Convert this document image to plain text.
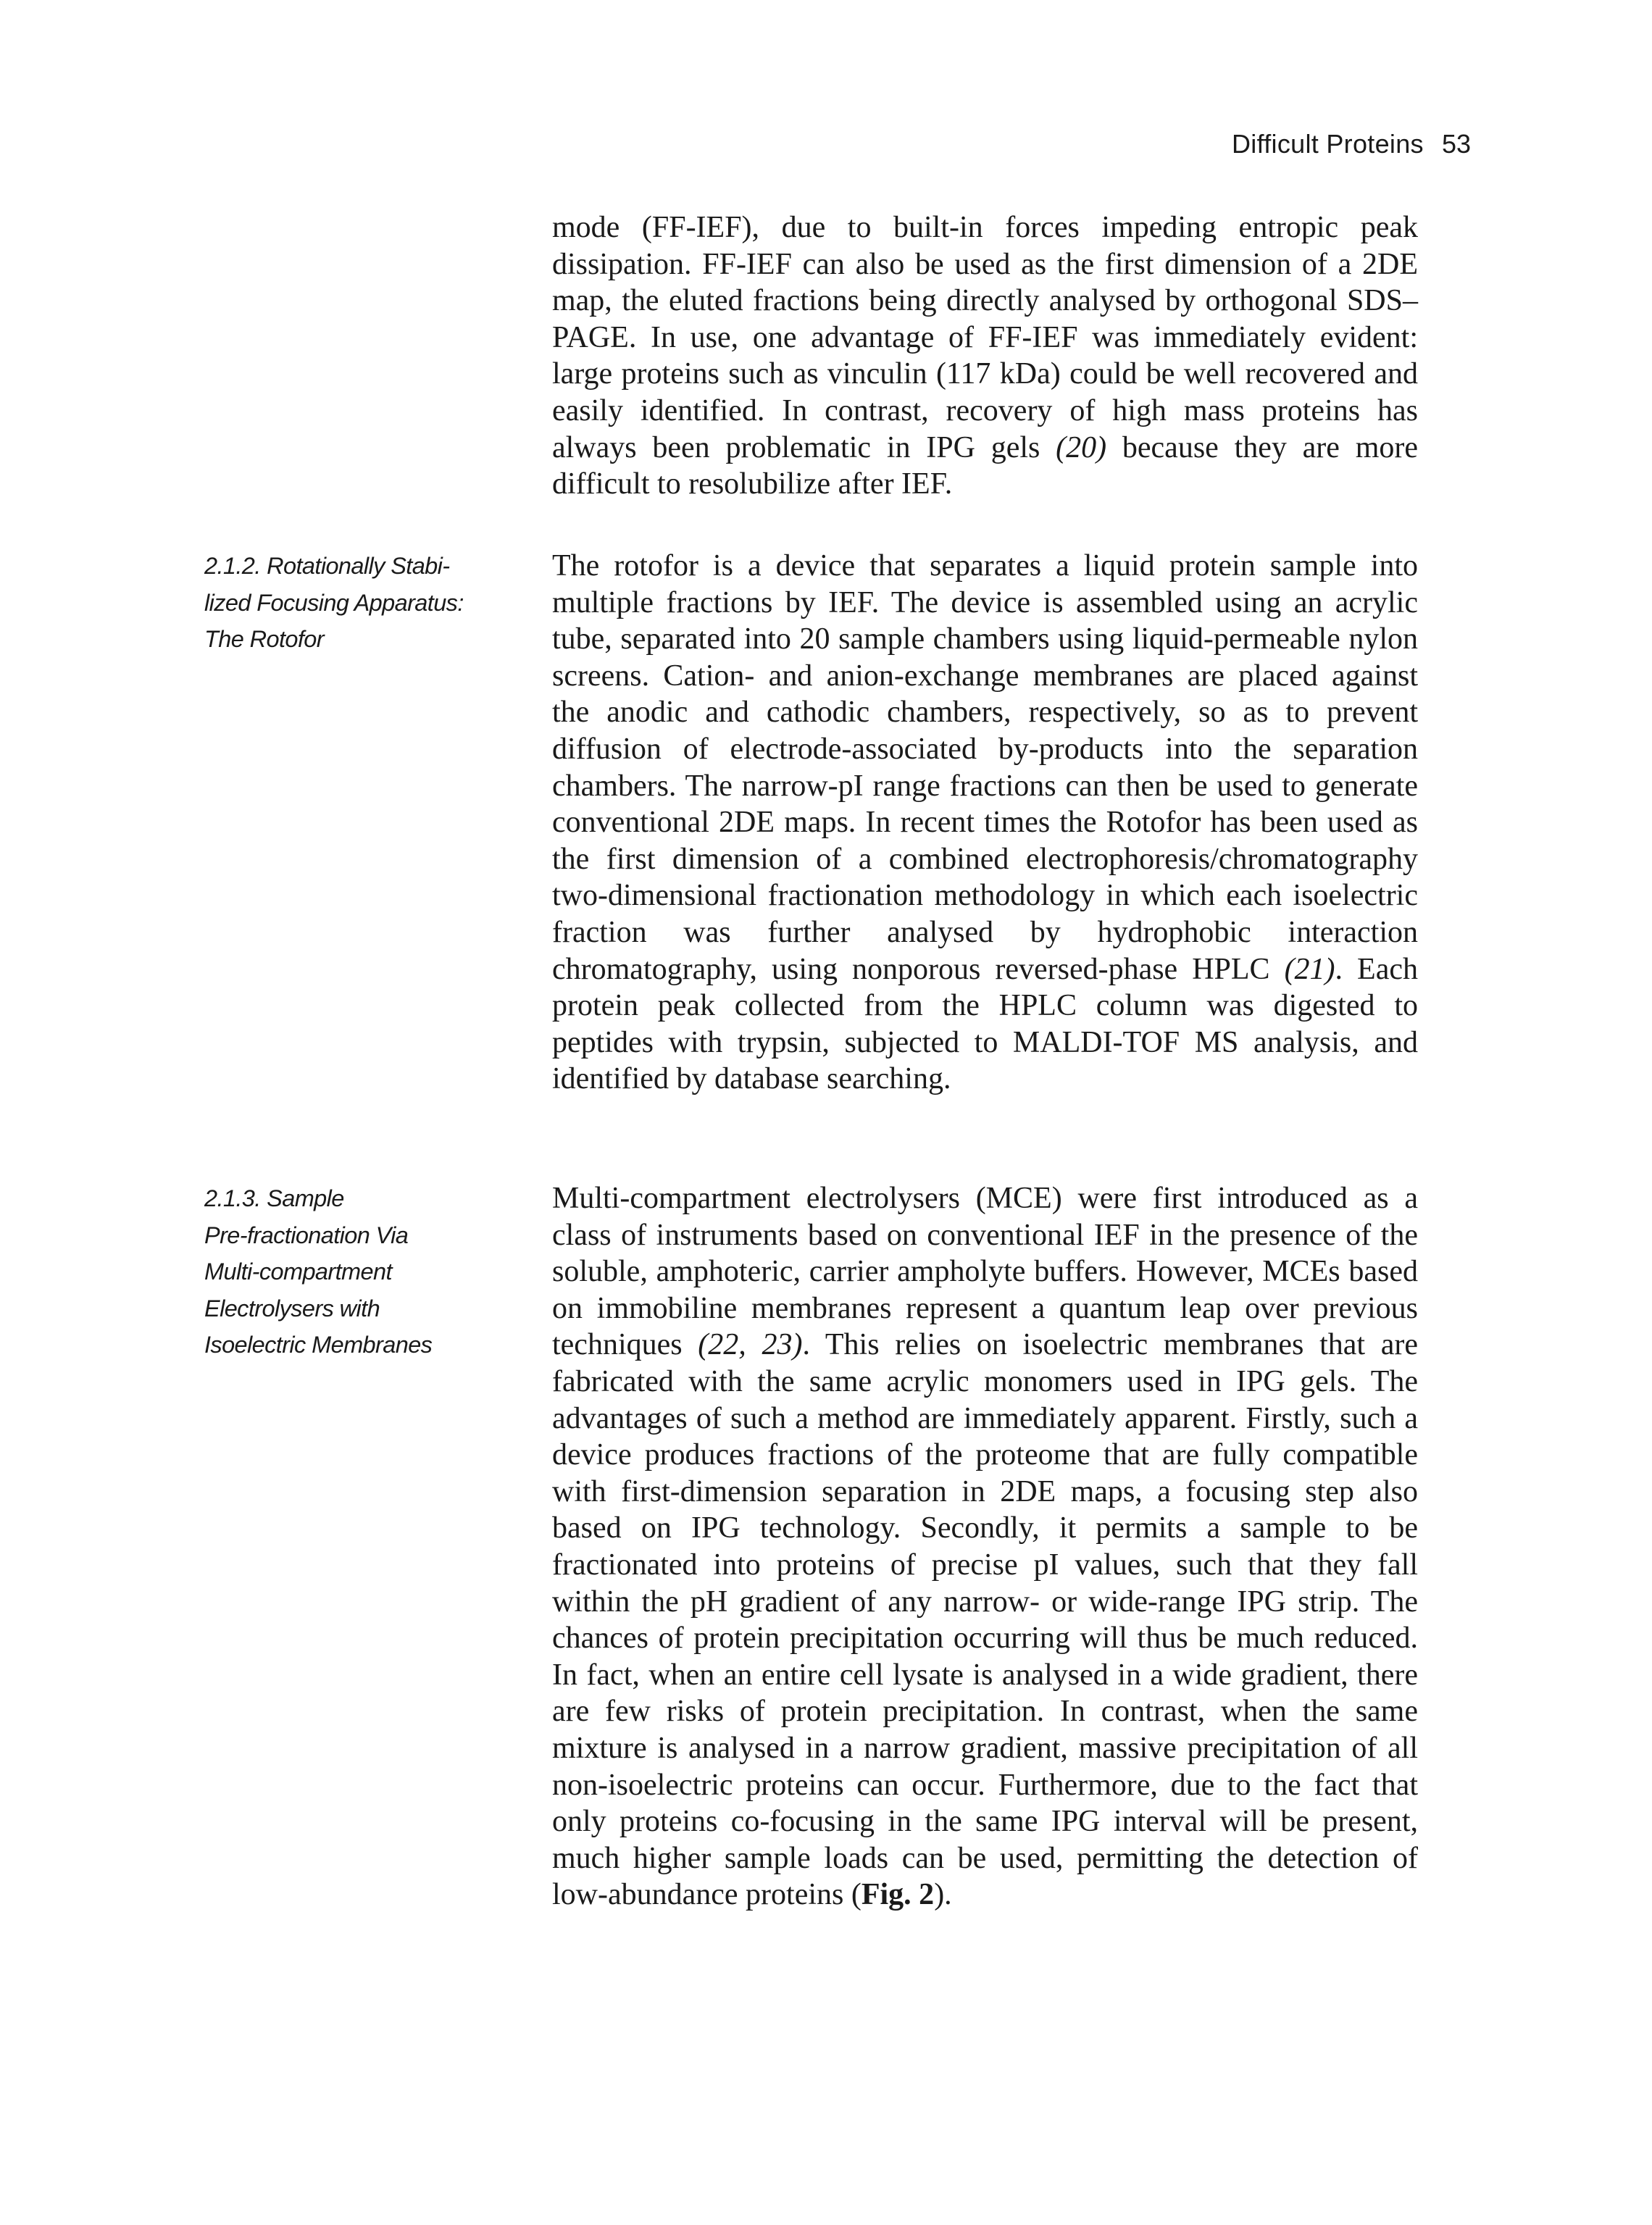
Difficult Proteins 53

mode (FF-IEF), due to built-in forces impeding entropic peak dissipation. FF-IEF can also be used as the first dimension of a 2DE map, the eluted fractions being directly analysed by orthogonal SDS–PAGE. In use, one advantage of FF-IEF was immediately evident: large proteins such as vinculin (117 kDa) could be well recovered and easily identified. In contrast, recovery of high mass proteins has always been problematic in IPG gels (20) because they are more difficult to resolubilize after IEF.

2.1.2. Rotationally Stabi-
lized Focusing Apparatus:
The Rotofor

The rotofor is a device that separates a liquid protein sample into multiple fractions by IEF. The device is assembled using an acrylic tube, separated into 20 sample chambers using liquid-permeable nylon screens. Cation- and anion-exchange membranes are placed against the anodic and cathodic chambers, respectively, so as to prevent diffusion of electrode-associated by-products into the separation chambers. The narrow-pI range fractions can then be used to generate conventional 2DE maps. In recent times the Rotofor has been used as the first dimension of a combined electrophoresis/chromatography two-dimensional fractionation methodology in which each isoelectric fraction was further analysed by hydrophobic interaction chromatography, using nonporous reversed-phase HPLC (21). Each protein peak collected from the HPLC column was digested to peptides with trypsin, subjected to MALDI-TOF MS analysis, and identified by database searching.

2.1.3. Sample
Pre-fractionation Via
Multi-compartment
Electrolysers with
Isoelectric Membranes

Multi-compartment electrolysers (MCE) were first introduced as a class of instruments based on conventional IEF in the presence of the soluble, amphoteric, carrier ampholyte buffers. However, MCEs based on immobiline membranes represent a quantum leap over previous techniques (22, 23). This relies on isoelectric membranes that are fabricated with the same acrylic monomers used in IPG gels. The advantages of such a method are immediately apparent. Firstly, such a device produces fractions of the proteome that are fully compatible with first-dimension separation in 2DE maps, a focusing step also based on IPG technology. Secondly, it permits a sample to be fractionated into proteins of precise pI values, such that they fall within the pH gradient of any narrow- or wide-range IPG strip. The chances of protein precipitation occurring will thus be much reduced. In fact, when an entire cell lysate is analysed in a wide gradient, there are few risks of protein precipitation. In contrast, when the same mixture is analysed in a narrow gradient, massive precipitation of all non-isoelectric proteins can occur. Furthermore, due to the fact that only proteins co-focusing in the same IPG interval will be present, much higher sample loads can be used, permitting the detection of low-abundance proteins (Fig. 2).
